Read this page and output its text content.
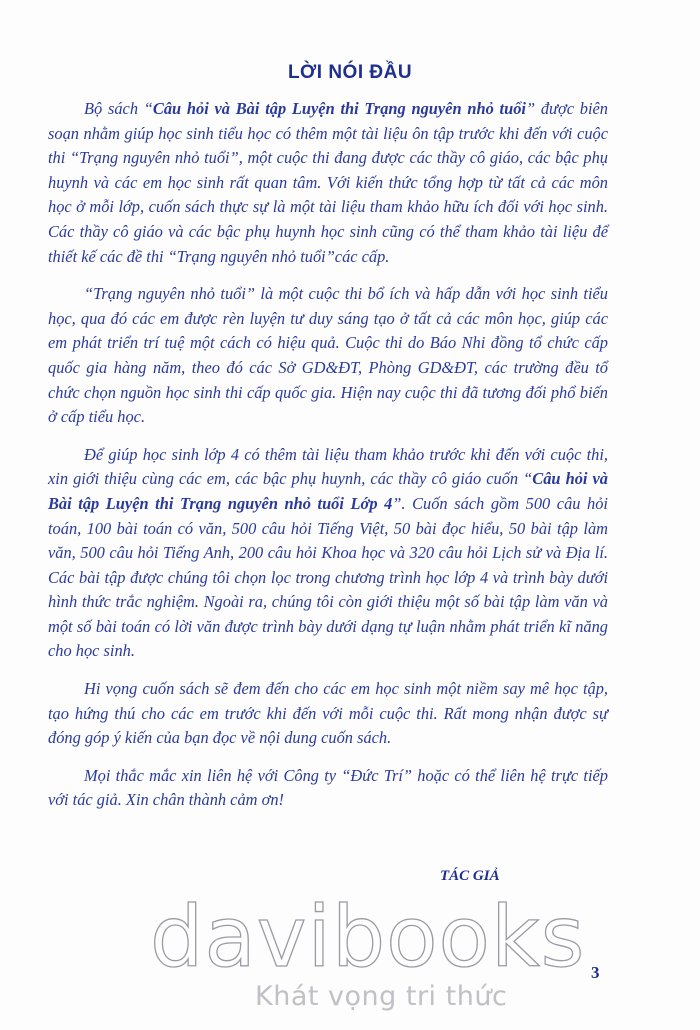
LỜI NÓI ĐẦU

Bộ sách “Câu hỏi và Bài tập Luyện thi Trạng nguyên nhỏ tuổi” được biên soạn nhằm giúp học sinh tiểu học có thêm một tài liệu ôn tập trước khi đến với cuộc thi “Trạng nguyên nhỏ tuổi”, một cuộc thi đang được các thầy cô giáo, các bậc phụ huynh và các em học sinh rất quan tâm. Với kiến thức tổng hợp từ tất cả các môn học ở mỗi lớp, cuốn sách thực sự là một tài liệu tham khảo hữu ích đối với học sinh. Các thầy cô giáo và các bậc phụ huynh học sinh cũng có thể tham khảo tài liệu để thiết kế các đề thi “Trạng nguyên nhỏ tuổi”các cấp.

“Trạng nguyên nhỏ tuổi” là một cuộc thi bổ ích và hấp dẫn với học sinh tiểu học, qua đó các em được rèn luyện tư duy sáng tạo ở tất cả các môn học, giúp các em phát triển trí tuệ một cách có hiệu quả. Cuộc thi do Báo Nhi đồng tổ chức cấp quốc gia hàng năm, theo đó các Sở GD&ĐT, Phòng GD&ĐT, các trường đều tổ chức chọn nguồn học sinh thi cấp quốc gia. Hiện nay cuộc thi đã tương đối phổ biến ở cấp tiểu học.

Để giúp học sinh lớp 4 có thêm tài liệu tham khảo trước khi đến với cuộc thi, xin giới thiệu cùng các em, các bậc phụ huynh, các thầy cô giáo cuốn “Câu hỏi và Bài tập Luyện thi Trạng nguyên nhỏ tuổi Lớp 4”. Cuốn sách gồm 500 câu hỏi toán, 100 bài toán có văn, 500 câu hỏi Tiếng Việt, 50 bài đọc hiểu, 50 bài tập làm văn, 500 câu hỏi Tiếng Anh, 200 câu hỏi Khoa học và 320 câu hỏi Lịch sử và Địa lí. Các bài tập được chúng tôi chọn lọc trong chương trình học lớp 4 và trình bày dưới hình thức trắc nghiệm. Ngoài ra, chúng tôi còn giới thiệu một số bài tập làm văn và một số bài toán có lời văn được trình bày dưới dạng tự luận nhằm phát triển kĩ năng cho học sinh.

Hi vọng cuốn sách sẽ đem đến cho các em học sinh một niềm say mê học tập, tạo hứng thú cho các em trước khi đến với mỗi cuộc thi. Rất mong nhận được sự đóng góp ý kiến của bạn đọc về nội dung cuốn sách.

Mọi thắc mắc xin liên hệ với Công ty “Đức Trí” hoặc có thể liên hệ trực tiếp với tác giả. Xin chân thành cảm ơn!

TÁC GIẢ
davibooks
Khát vọng tri thức
3
